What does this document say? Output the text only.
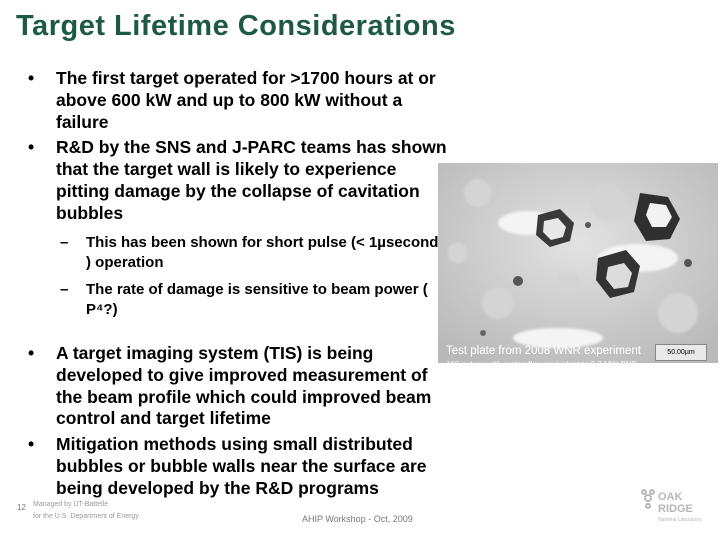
Target Lifetime Considerations
• The first target operated for >1700 hours at or above 600 kW and up to 800 kW without a failure
• R&D by the SNS and J-PARC teams has shown that the target wall is likely to experience pitting damage by the collapse of cavitation bubbles
– This has been shown for short pulse (< 1µsecond ) operation
– The rate of damage is sensitive to beam power ( P⁴?)
• A target imaging system (TIS) is being developed to give improved measurement of the beam profile which could improved beam control and target lifetime
• Mitigation methods using small distributed bubbles or bubble walls near the surface are being developed by the R&D programs
Test plate from 2008 WNR experiment
100 pulses with proton flux equivalent to 2.7 MW SNS
50.00µm
12 Managed by UT-Battelle
for the U.S. Department of Energy	AHIP Workshop - Oct, 2009
OAK
RIDGE
National Laboratory
